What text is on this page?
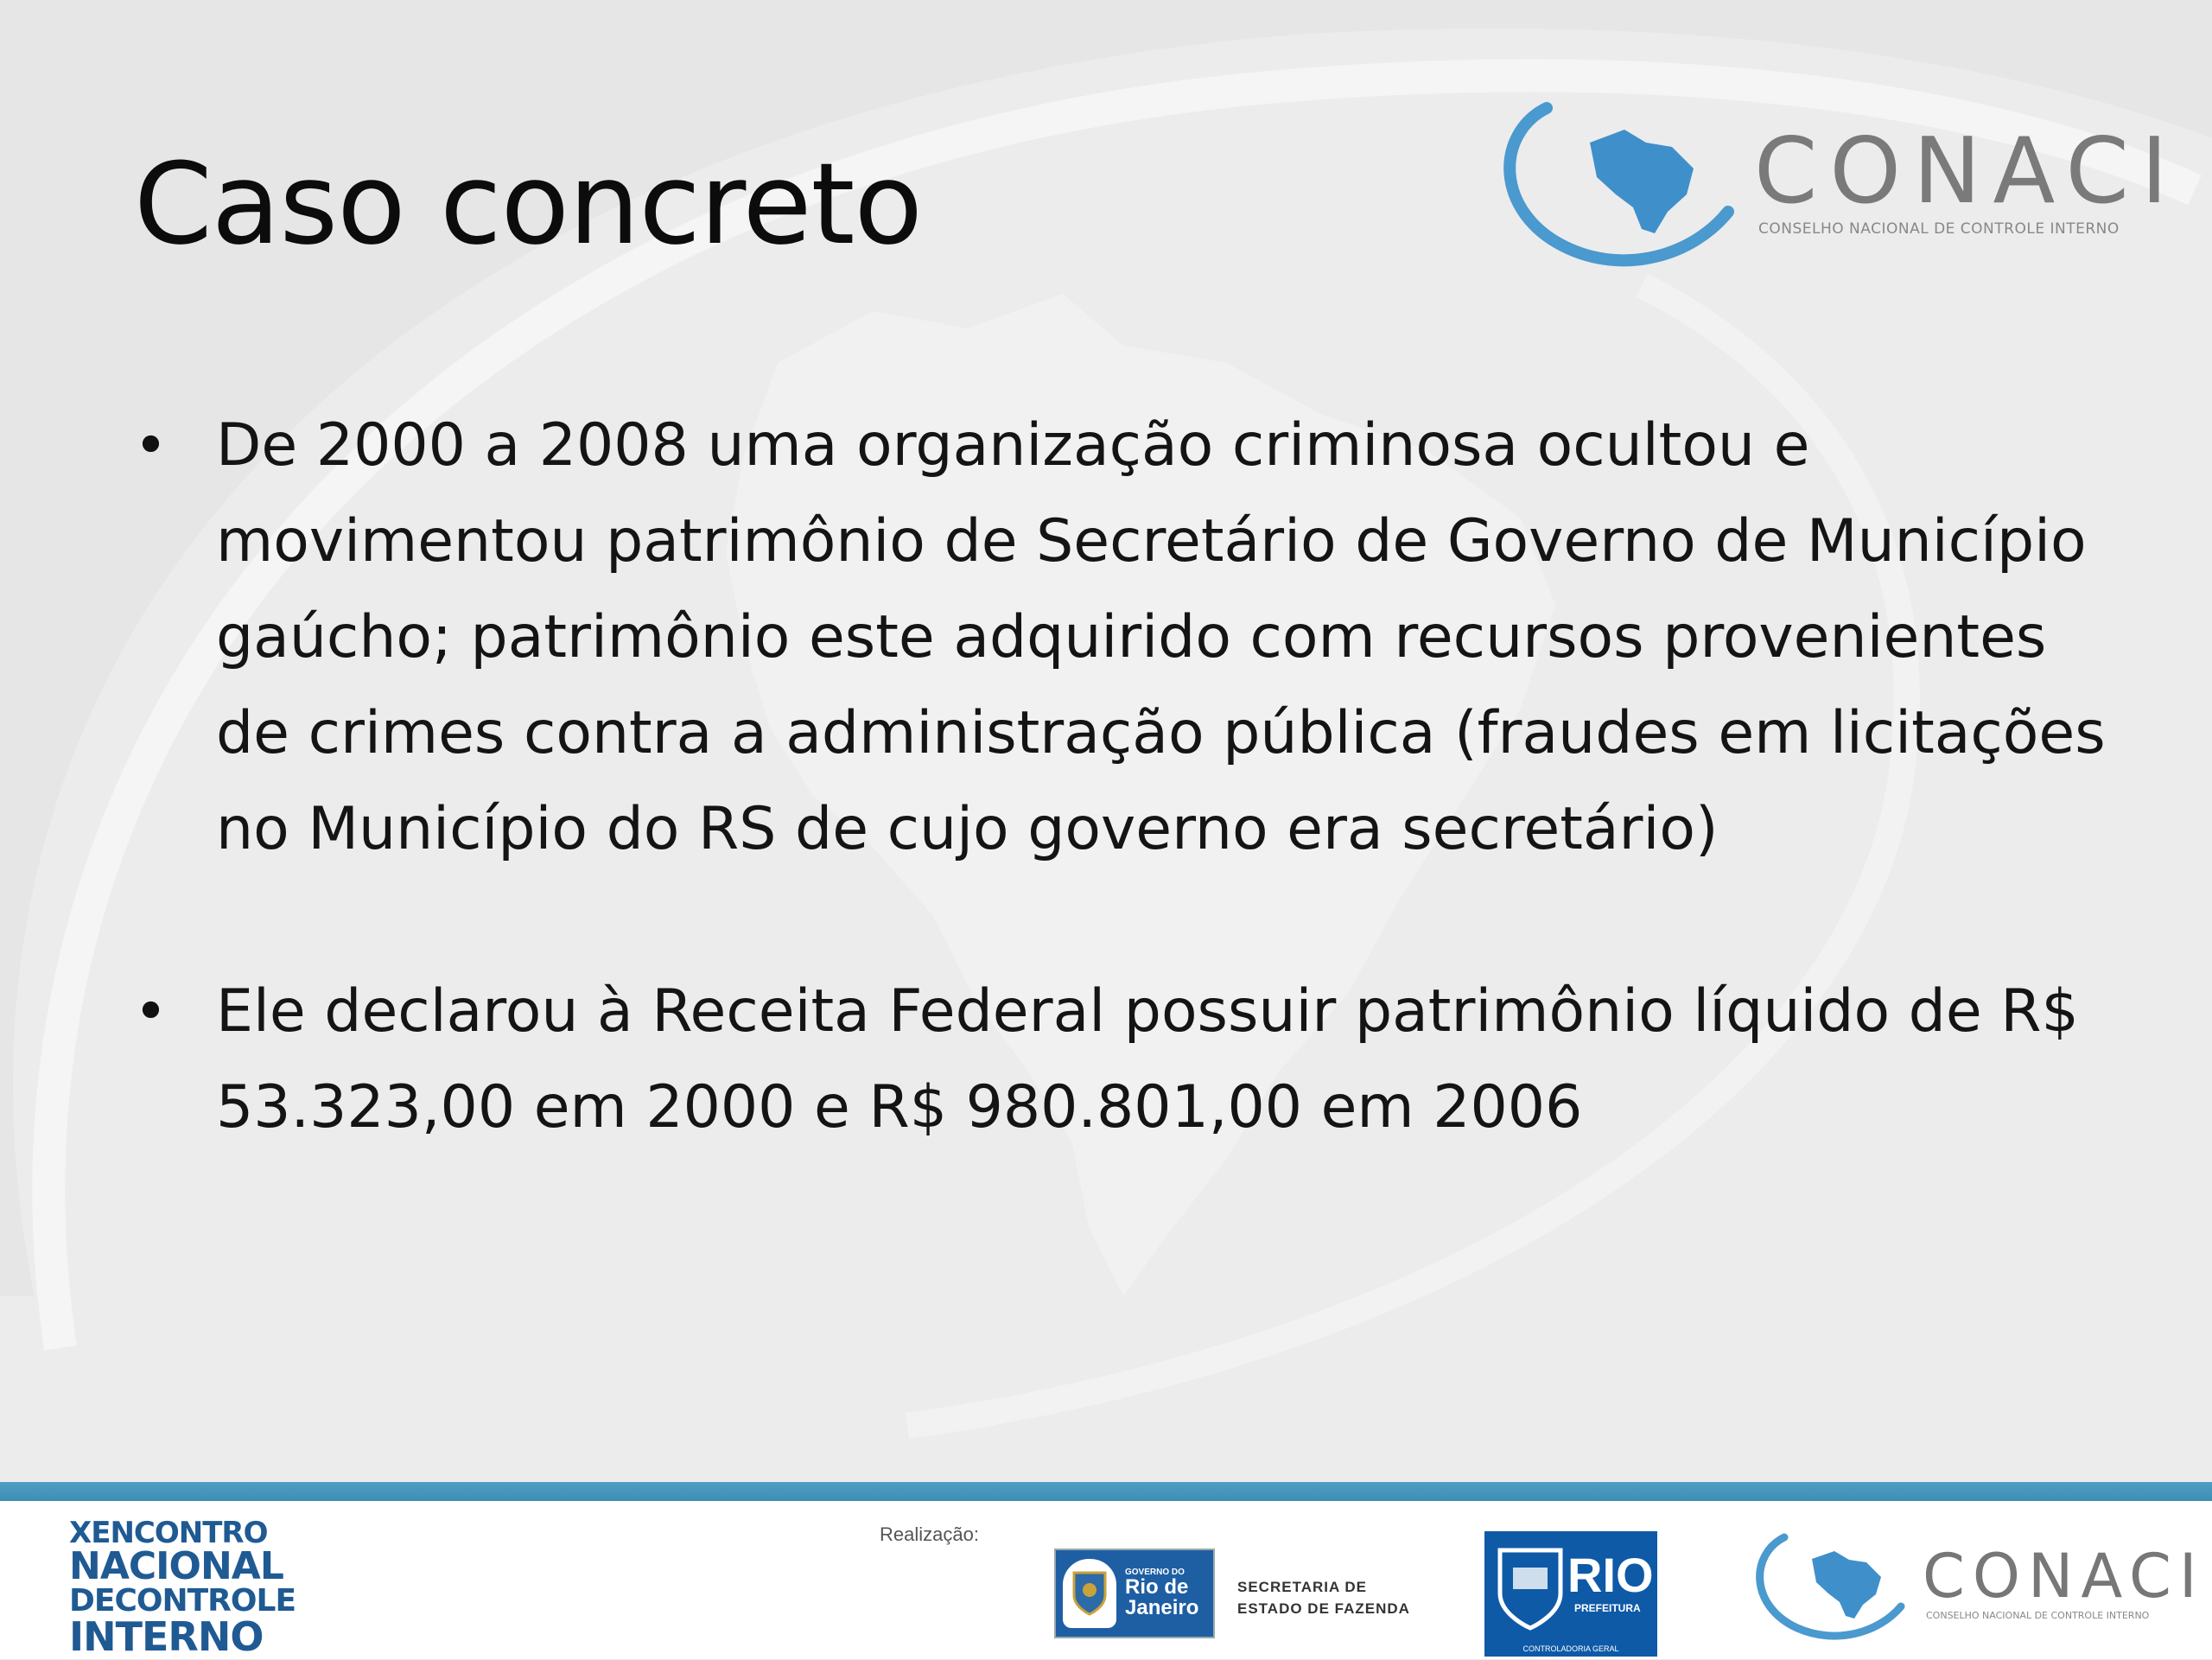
CONACI
CONSELHO NACIONAL DE CONTROLE INTERNO
Caso concreto
• De 2000 a 2008 uma organização criminosa ocultou e movimentou patrimônio de Secretário de Governo de Município gaúcho; patrimônio este adquirido com recursos provenientes de crimes contra a administração pública (fraudes em licitações no Município do RS de cujo governo era secretário)
• Ele declarou à Receita Federal possuir patrimônio líquido de R$ 53.323,00 em 2000 e R$ 980.801,00 em 2006
XENCONTRO
NACIONAL
DECONTROLE
INTERNO
Realização:
GOVERNO DO
Rio de
Janeiro
SECRETARIA DE
ESTADO DE FAZENDA
RIO
PREFEITURA
CONTROLADORIA GERAL
CONACI
CONSELHO NACIONAL DE CONTROLE INTERNO
